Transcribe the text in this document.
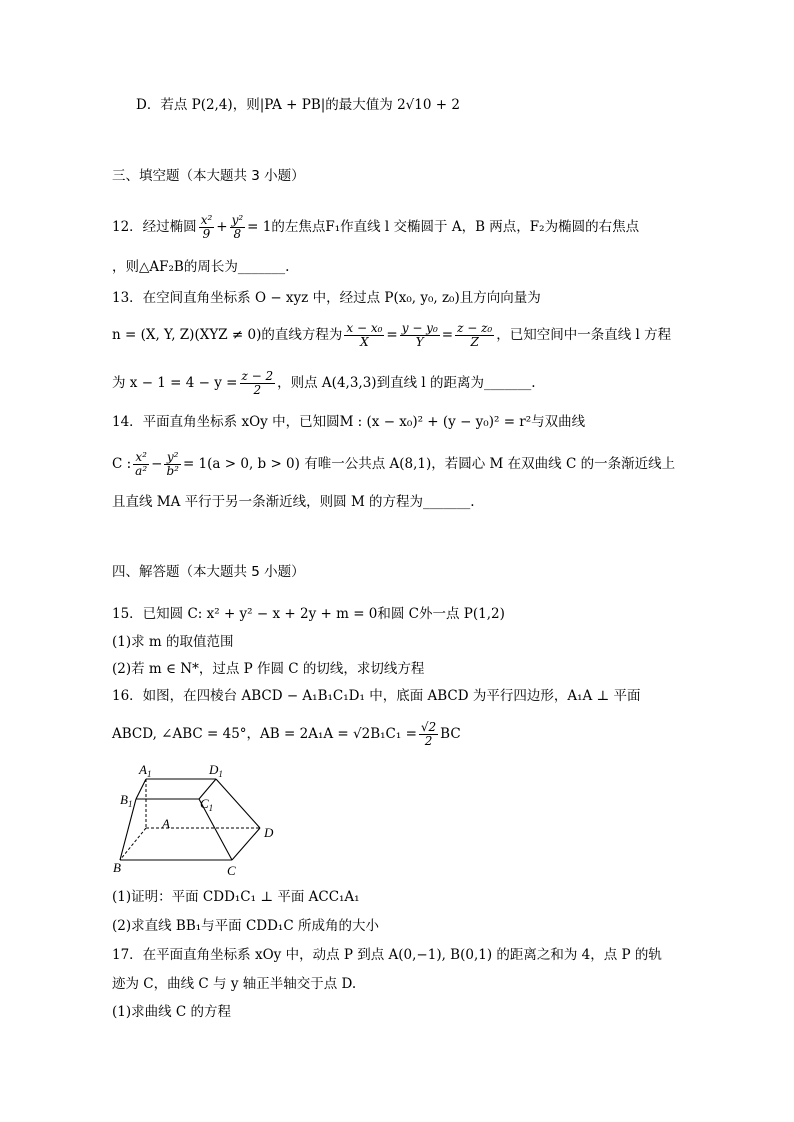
D．若点 P(2,4)，则|PA + PB|的最大值为 2√10 + 2
三、填空题（本大题共 3 小题）
12．经过椭圆 $\frac{\text{x²}}{9} + \frac{\text{y²}}{8} = 1$的左焦点F₁作直线 l 交椭圆于 A，B 两点，F₂为椭圆的右焦点
，则△AF₂B的周长为_______.
13．在空间直角坐标系 O − xyz 中，经过点 P(x₀, y₀, z₀)且方向向量为
n = (X, Y, Z)(XYZ ≠ 0)的直线方程为 $\frac{\text{x − x₀}}{X} = \frac{\text{y − y₀}}{Y} = \frac{\text{z − z₀}}{Z}$ ，已知空间中一条直线 l 方程
为 $x - 1 = 4 - y = \frac{z - 2}{2}$ ，则点 A(4,3,3)到直线 l 的距离为_______.
14．平面直角坐标系 xOy 中，已知圆M : (x − x₀)² + (y − y₀)² = r²与双曲线
C : $\frac{\text{x²}}{\text{a²}} - \frac{\text{y²}}{\text{b²}} = 1(a > 0$, b > 0) 有唯一公共点 A(8,1)，若圆心 M 在双曲线 C 的一条渐近线上
且直线 MA 平行于另一条渐近线，则圆 M 的方程为_______.
四、解答题（本大题共 5 小题）
15．已知圆 C: x² + y² − x + 2y + m = 0和圆 C外一点 P(1,2)
(1)求 m 的取值范围
(2)若 m ∈ N*，过点 P 作圆 C 的切线，求切线方程
16．如图，在四棱台 ABCD − A₁B₁C₁D₁ 中，底面 ABCD 为平行四边形，A₁A ⊥ 平面
ABCD, ∠ABC = 45°，AB = $2A_1A = √2B_1C_1 = \frac{√2}{2}$ BC
$A_1$	$D_1$
$B_1$	$C_1$
A
D
B	C
(1)证明：平面 CDD₁C₁ ⊥ 平面 ACC₁A₁
(2)求直线 BB₁与平面 CDD₁C 所成角的大小
17．在平面直角坐标系 xOy 中，动点 P 到点 A(0,−1), B(0,1) 的距离之和为 4，点 P 的轨
迹为 C，曲线 C 与 y 轴正半轴交于点 D.
(1)求曲线 C 的方程
